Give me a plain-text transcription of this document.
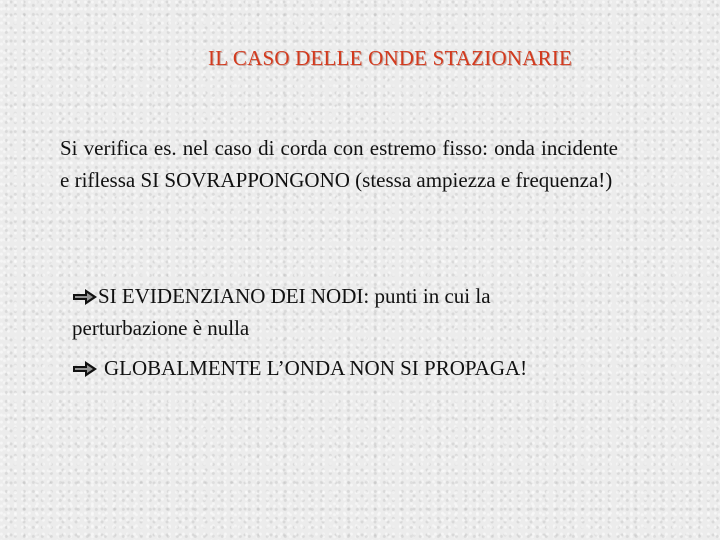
IL CASO DELLE ONDE STAZIONARIE
Si verifica es. nel caso di corda con estremo fisso: onda incidente e riflessa SI SOVRAPPONGONO (stessa ampiezza e frequenza!)
SI EVIDENZIANO DEI NODI: punti in cui la perturbazione è nulla
GLOBALMENTE L’ONDA NON SI PROPAGA!
